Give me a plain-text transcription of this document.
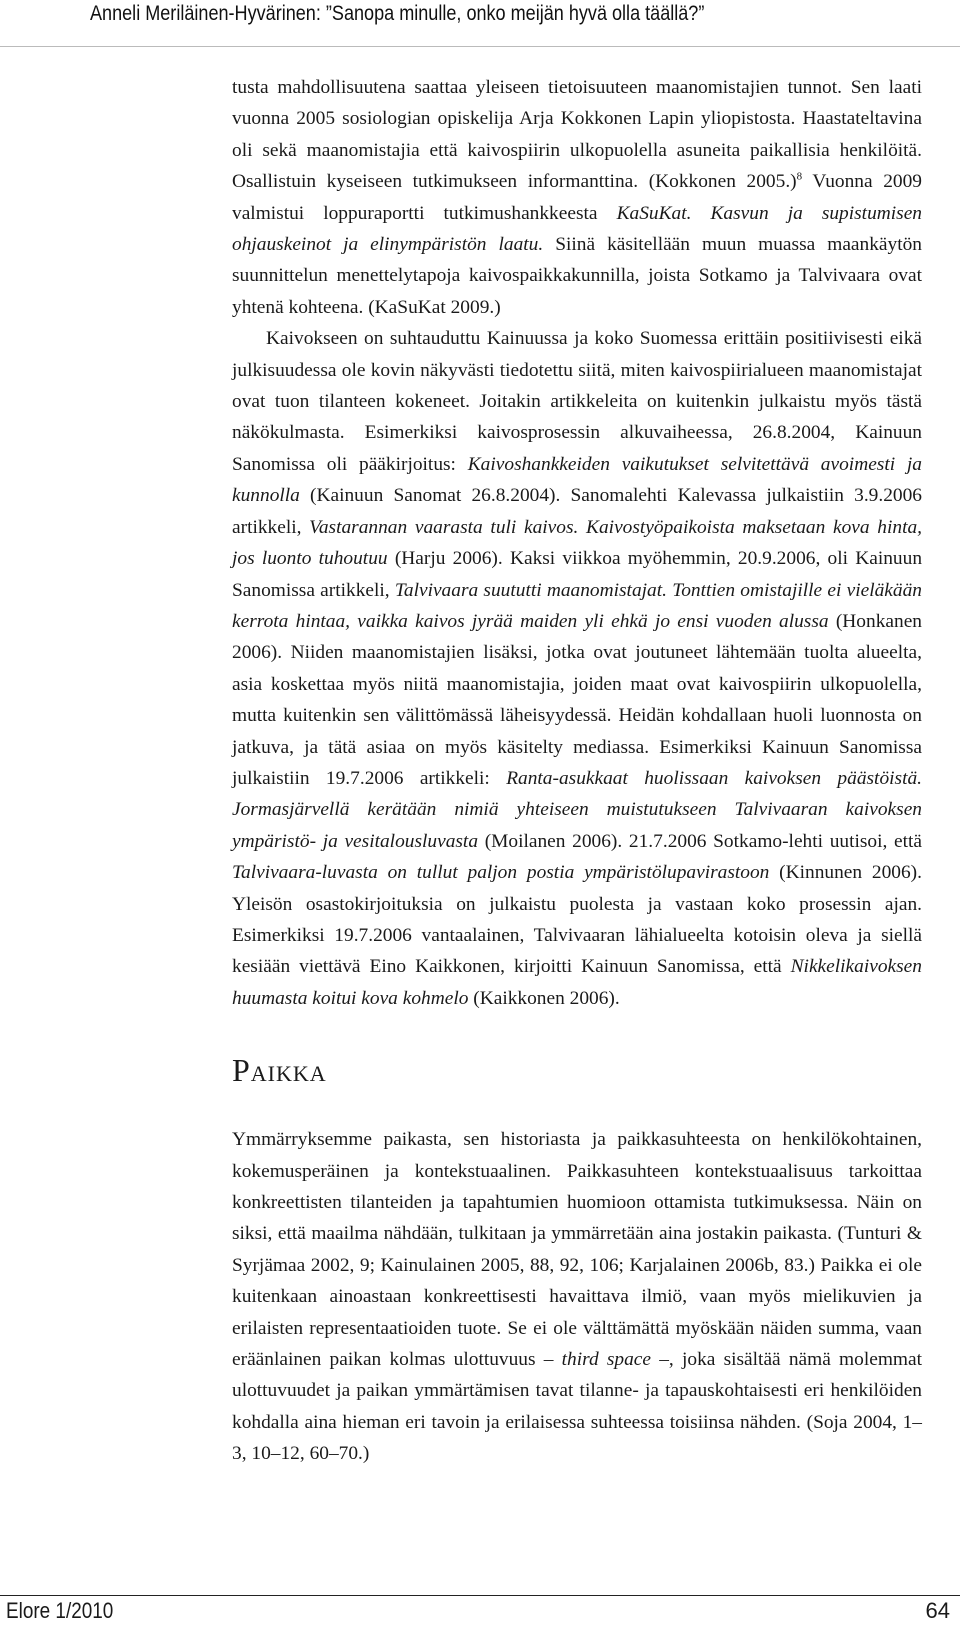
Anneli Meriläinen-Hyvärinen: ”Sanopa minulle, onko meijän hyvä olla täällä?”

tusta mahdollisuutena saattaa yleiseen tietoisuuteen maanomistajien tunnot. Sen laati vuonna 2005 sosiologian opiskelija Arja Kokkonen Lapin yliopistosta. Haastateltavina oli sekä maanomistajia että kaivospiirin ulkopuolella asuneita paikallisia henkilöitä. Osallistuin kyseiseen tutkimukseen informanttina. (Kokkonen 2005.)$^8$ Vuonna 2009 valmistui loppuraportti tutkimushankkeesta KaSuKat. Kasvun ja supistumisen ohjauskeinot ja elinympäristön laatu. Siinä käsitellään muun muassa maankäytön suunnittelun menettelytapoja kaivospaikkakunnilla, joista Sotkamo ja Talvivaara ovat yhtenä kohteena. (KaSuKat 2009.)

Kaivokseen on suhtauduttu Kainuussa ja koko Suomessa erittäin positiivisesti eikä julkisuudessa ole kovin näkyvästi tiedotettu siitä, miten kaivospiirialueen maanomistajat ovat tuon tilanteen kokeneet. Joitakin artikkeleita on kuitenkin julkaistu myös tästä näkökulmasta. Esimerkiksi kaivosprosessin alkuvaiheessa, 26.8.2004, Kainuun Sanomissa oli pääkirjoitus: Kaivoshankkeiden vaikutukset selvitettävä avoimesti ja kunnolla (Kainuun Sanomat 26.8.2004). Sanomalehti Kalevassa julkaistiin 3.9.2006 artikkeli, Vastarannan vaarasta tuli kaivos. Kaivostyöpaikoista maksetaan kova hinta, jos luonto tuhoutuu (Harju 2006). Kaksi viikkoa myöhemmin, 20.9.2006, oli Kainuun Sanomissa artikkeli, Talvivaara suututti maanomistajat. Tonttien omistajille ei vieläkään kerrota hintaa, vaikka kaivos jyrää maiden yli ehkä jo ensi vuoden alussa (Honkanen 2006). Niiden maanomistajien lisäksi, jotka ovat joutuneet lähtemään tuolta alueelta, asia koskettaa myös niitä maanomistajia, joiden maat ovat kaivospiirin ulkopuolella, mutta kuitenkin sen välittömässä läheisyydessä. Heidän kohdallaan huoli luonnosta on jatkuva, ja tätä asiaa on myös käsitelty mediassa. Esimerkiksi Kainuun Sanomissa julkaistiin 19.7.2006 artikkeli: Ranta-asukkaat huolissaan kaivoksen päästöistä. Jormasjärvellä kerätään nimiä yhteiseen muistutukseen Talvivaaran kaivoksen ympäristö- ja vesitalousluvasta (Moilanen 2006). 21.7.2006 Sotkamo-lehti uutisoi, että Talvivaara-luvasta on tullut paljon postia ympäristölupavirastoon (Kinnunen 2006). Yleisön osastokirjoituksia on julkaistu puolesta ja vastaan koko prosessin ajan. Esimerkiksi 19.7.2006 vantaalainen, Talvivaaran lähialueelta kotoisin oleva ja siellä kesiään viettävä Eino Kaikkonen, kirjoitti Kainuun Sanomissa, että Nikkelikaivoksen huumasta koitui kova kohmelo (Kaikkonen 2006).

Paikka

Ymmärryksemme paikasta, sen historiasta ja paikkasuhteesta on henkilökohtainen, kokemusperäinen ja kontekstuaalinen. Paikkasuhteen kontekstuaalisuus tarkoittaa konkreettisten tilanteiden ja tapahtumien huomioon ottamista tutkimuksessa. Näin on siksi, että maailma nähdään, tulkitaan ja ymmärretään aina jostakin paikasta. (Tunturi & Syrjämaa 2002, 9; Kainulainen 2005, 88, 92, 106; Karjalainen 2006b, 83.) Paikka ei ole kuitenkaan ainoastaan konkreettisesti havaittava ilmiö, vaan myös mielikuvien ja erilaisten representaatioiden tuote. Se ei ole välttämättä myöskään näiden summa, vaan eräänlainen paikan kolmas ulottuvuus – third space –, joka sisältää nämä molemmat ulottuvuudet ja paikan ymmärtämisen tavat tilanne- ja tapauskohtaisesti eri henkilöiden kohdalla aina hieman eri tavoin ja erilaisessa suhteessa toisiinsa nähden. (Soja 2004, 1–3, 10–12, 60–70.)

Elore 1/2010	64
